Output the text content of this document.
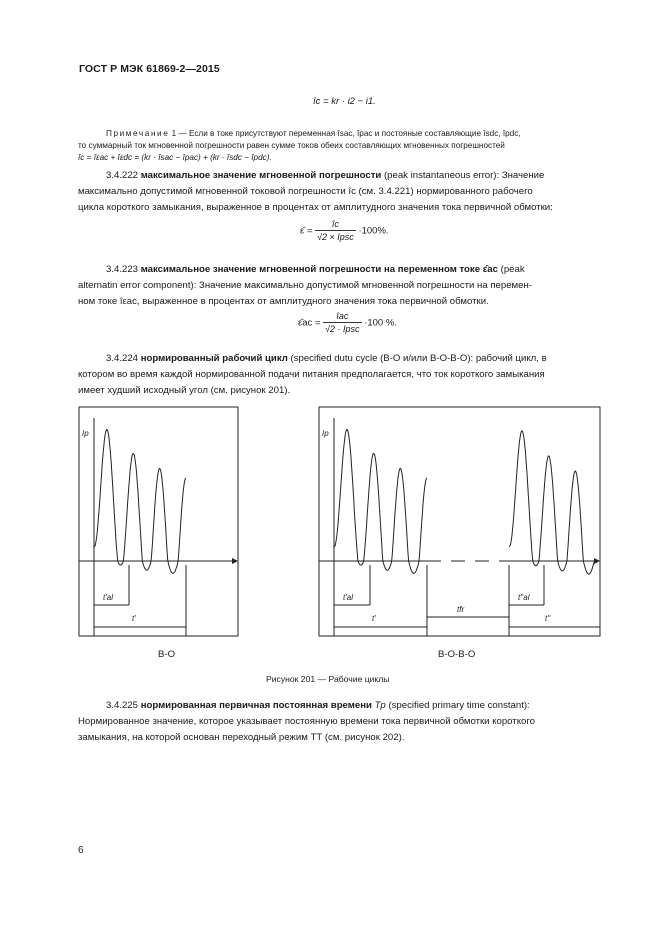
ГОСТ Р МЭК 61869-2—2015
îc = kr · i2 − i1.
Примечание 1 — Если в токе присутствуют переменная îsac, îpac и постояные составляющие îsdc, îpdc,
то суммарный ток мгновенной погрешности равен сумме токов обеих составляющих мгновенных погрешностей
îc = îεac + îεdc = (kr · îsac − îpac) + (kr · îsdc − îpdc).
3.4.222 максимальное значение мгновенной погрешности (peak instantaneous error): Значение
максимально допустимой мгновенной токовой погрешности îc (см. 3.4.221) нормированного рабочего
цикла короткого замыкания, выраженное в процентах от амплитудного значения тока первичной обмотки:
ε̂ = $\frac{îc}{\text{√2 × Ipsc}} \cdot 100\%$.
3.4.223 максимальное значение мгновенной погрешности на переменном токе ε̂ac (peak
alternatin error component): Значение максимально допустимой мгновенной погрешности на перемен-
ном токе îεac, выраженное в процентах от амплитудного значения тока первичной обмотки.
ε̂ac = $\frac{\text{îac}}{\text{√2 · Ipsc}} \cdot 100$ %.
3.4.224 нормированный рабочий цикл (specified dutu cycle (В-О и/или В-О-В-О): рабочий цикл, в
котором во время каждой нормированной подачи питания предполагается, что ток короткого замыкания
имеет худший исходный угол (см. рисунок 201).
Ip
t'al
t'
Ip
t'al
t'
tfr
t''al
t''
В-О	В-О-В-О
Рисунок 201 — Рабочие циклы
3.4.225 нормированная первичная постоянная времени Tp (specified primary time constant):
Нормированное значение, которое указывает постоянную времени тока первичной обмотки короткого
замыкания, на которой основан переходный режим ТТ (см. рисунок 202).
6
